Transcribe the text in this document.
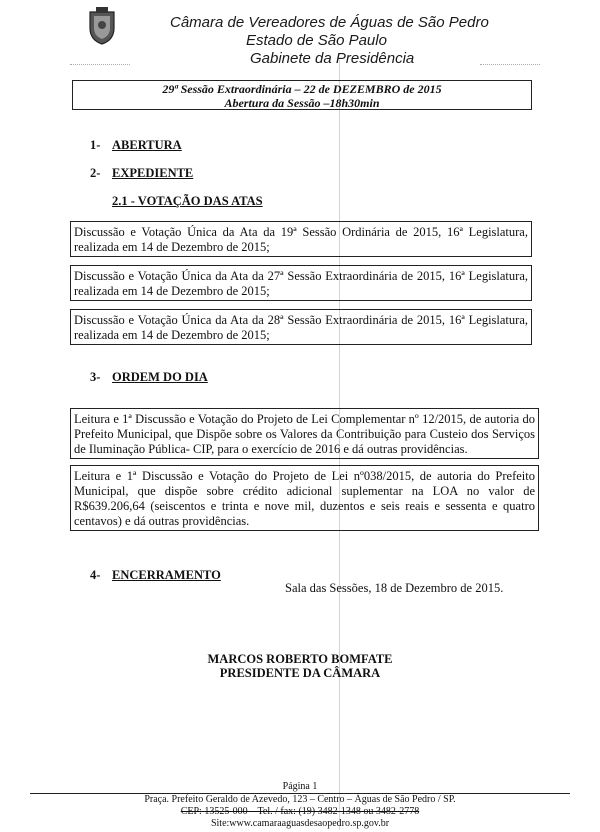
Câmara de Vereadores de Águas de São Pedro
Estado de São Paulo
Gabinete da Presidência
29ª Sessão Extraordinária – 22 de DEZEMBRO de 2015
Abertura da Sessão –18h30min
1- ABERTURA
2- EXPEDIENTE
2.1 - VOTAÇÃO DAS ATAS
Discussão e Votação Única da Ata da 19ª Sessão Ordinária de 2015, 16ª Legislatura, realizada em 14 de Dezembro de 2015;
Discussão e Votação Única da Ata da 27ª Sessão Extraordinária de 2015, 16ª Legislatura, realizada em 14 de Dezembro de 2015;
Discussão e Votação Única da Ata da 28ª Sessão Extraordinária de 2015, 16ª Legislatura, realizada em 14 de Dezembro de 2015;
3- ORDEM DO DIA
Leitura e 1ª Discussão e Votação do Projeto de Lei Complementar nº 12/2015, de autoria do Prefeito Municipal, que Dispõe sobre os Valores da Contribuição para Custeio dos Serviços de Iluminação Pública- CIP, para o exercício de 2016 e dá outras providências.
Leitura e 1ª Discussão e Votação do Projeto de Lei nº038/2015, de autoria do Prefeito Municipal, que dispõe sobre crédito adicional suplementar na LOA no valor de R$639.206,64 (seiscentos e trinta e nove mil, duzentos e seis reais e sessenta e quatro centavos) e dá outras providências.
4- ENCERRAMENTO
Sala das Sessões, 18 de Dezembro de 2015.
MARCOS ROBERTO BOMFATE
PRESIDENTE DA CÂMARA
Página 1
Praça. Prefeito Geraldo de Azevedo, 123 – Centro – Águas de São Pedro / SP.
CEP: 13525-000 – Tel. / fax: (19) 3482-1348 ou 3482-2778
Site:www.camaraaguasdesaopedro.sp.gov.br
